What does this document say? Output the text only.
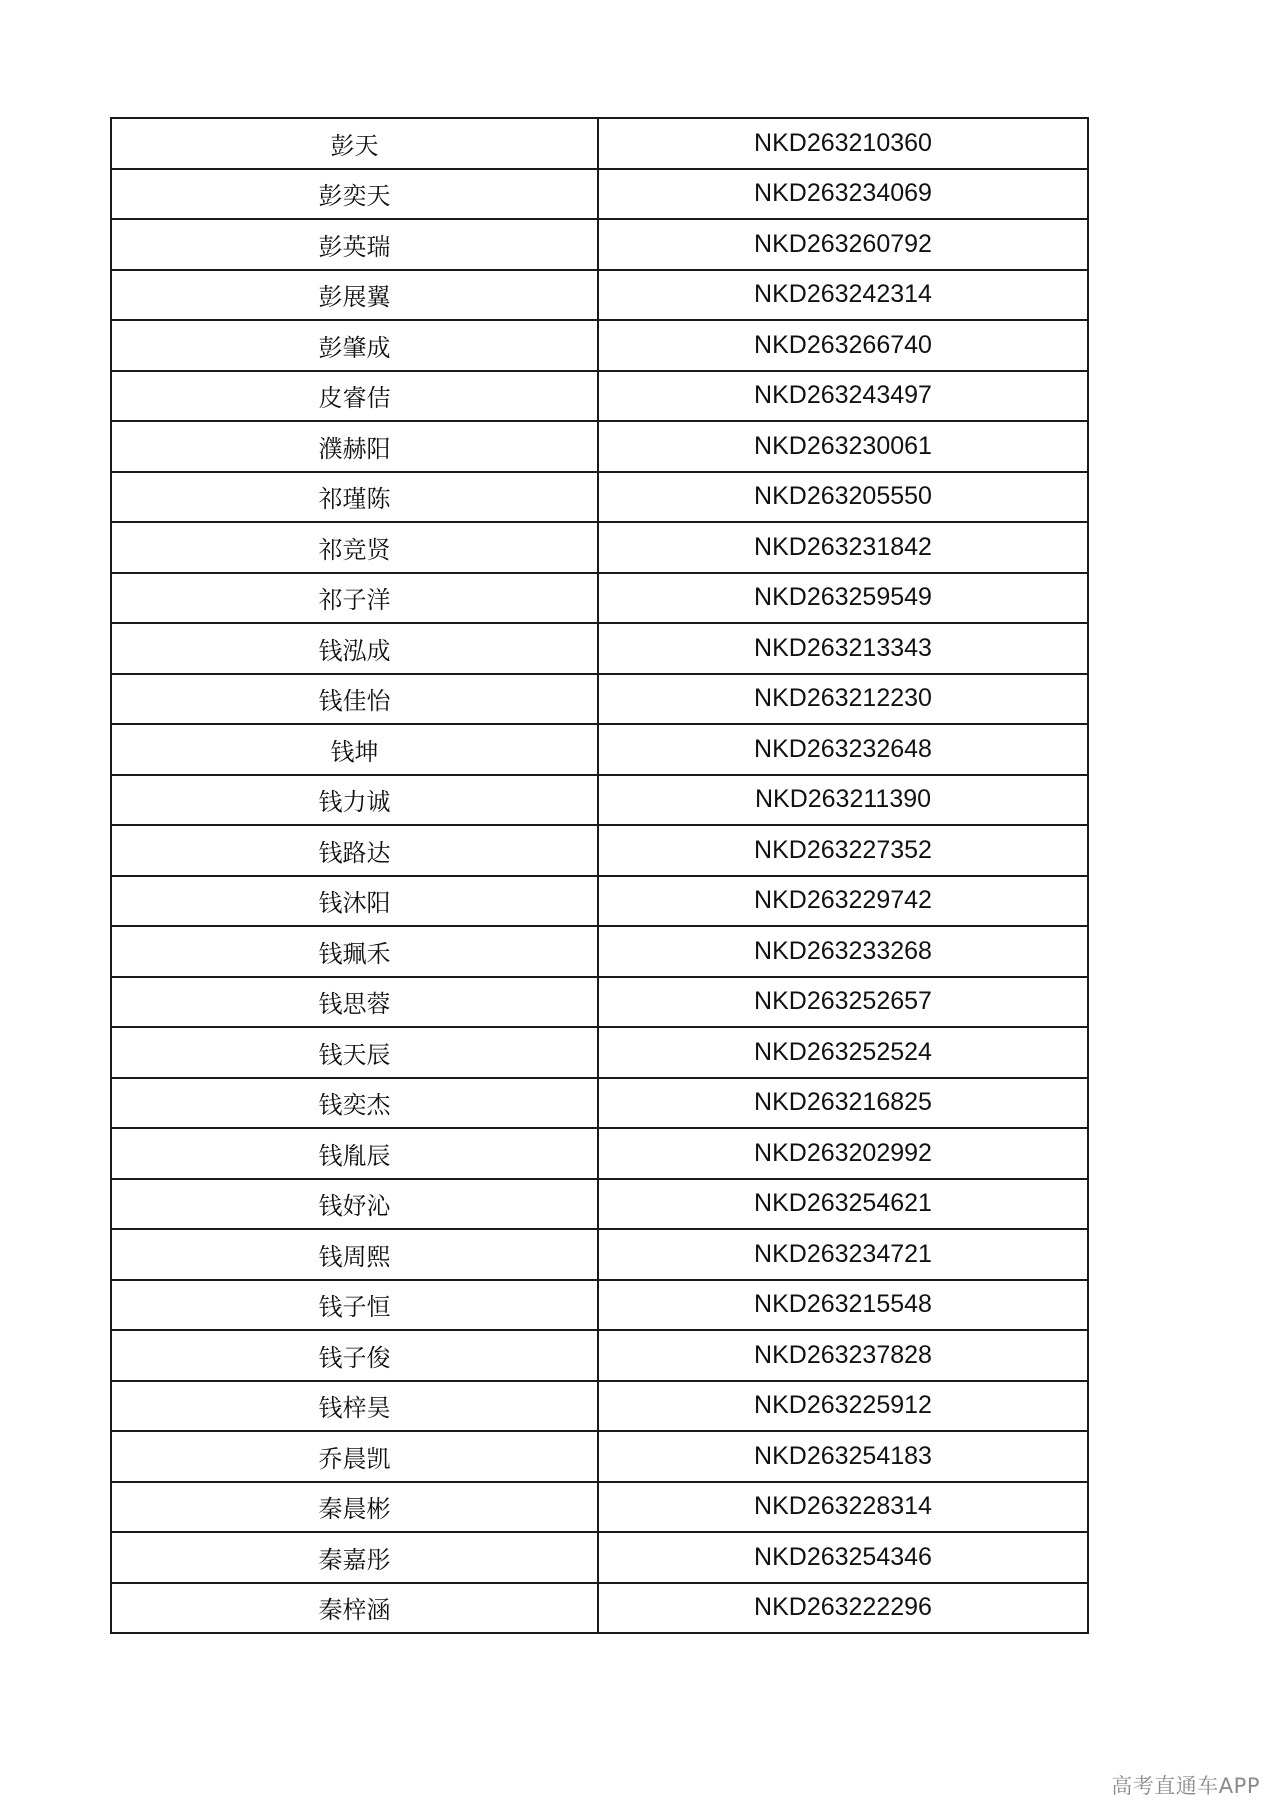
彭天	NKD263210360
彭奕天	NKD263234069
彭英瑞	NKD263260792
彭展翼	NKD263242314
彭肇成	NKD263266740
皮睿佶	NKD263243497
濮赫阳	NKD263230061
祁瑾陈	NKD263205550
祁竞贤	NKD263231842
祁子洋	NKD263259549
钱泓成	NKD263213343
钱佳怡	NKD263212230
钱坤	NKD263232648
钱力诚	NKD263211390
钱路达	NKD263227352
钱沐阳	NKD263229742
钱珮禾	NKD263233268
钱思蓉	NKD263252657
钱天辰	NKD263252524
钱奕杰	NKD263216825
钱胤辰	NKD263202992
钱妤沁	NKD263254621
钱周熙	NKD263234721
钱子恒	NKD263215548
钱子俊	NKD263237828
钱梓昊	NKD263225912
乔晨凯	NKD263254183
秦晨彬	NKD263228314
秦嘉彤	NKD263254346
秦梓涵	NKD263222296
高考直通车APP
